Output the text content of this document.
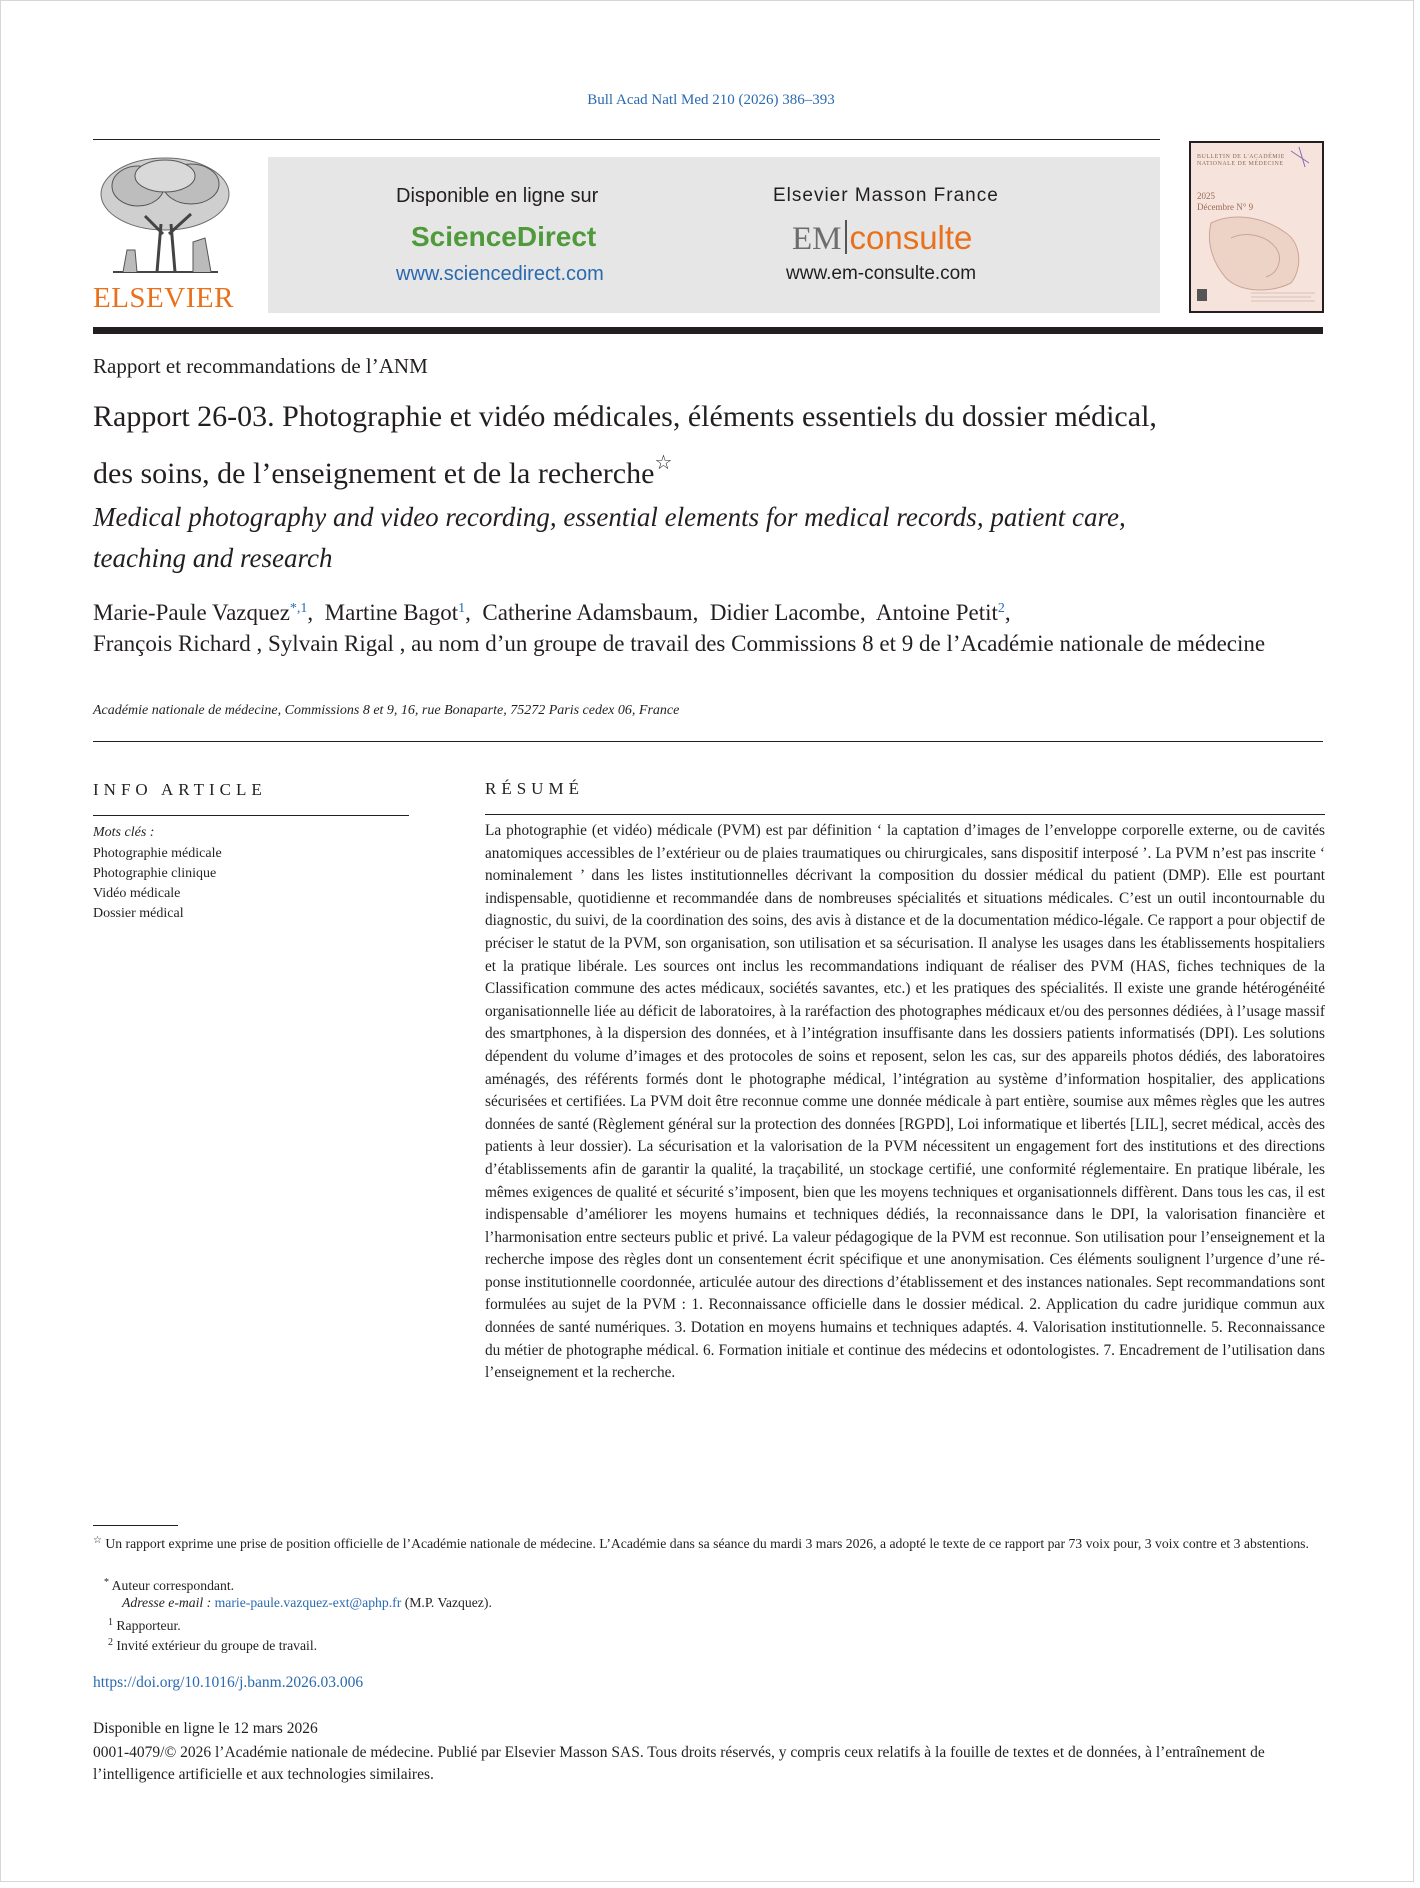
Bull Acad Natl Med 210 (2026) 386–393
ELSEVIER
Disponible en ligne sur
ScienceDirect
www.sciencedirect.com
Elsevier Masson France
EM consulte
www.em-consulte.com
BULLETIN DE L'ACADÉMIE NATIONALE DE MÉDECINE
2025
Décembre N° 9
Rapport et recommandations de l’ANM
Rapport 26-03. Photographie et vidéo médicales, éléments essentiels du dossier médical, des soins, de l’enseignement et de la recherche☆
Medical photography and video recording, essential elements for medical records, patient care, teaching and research
Marie-Paule Vazquez$^{*,1}$,  Martine Bagot$^1$,  Catherine Adamsbaum,  Didier Lacombe,  Antoine Petit$^2$,
François Richard , Sylvain Rigal , au nom d’un groupe de travail des Commissions 8 et 9 de l’Académie nationale de médecine
Académie nationale de médecine, Commissions 8 et 9, 16, rue Bonaparte, 75272 Paris cedex 06, France
INFO ARTICLE
Mots clés :
Photographie médicale
Photographie clinique
Vidéo médicale
Dossier médical
RÉSUMÉ
La photographie (et vidéo) médicale (PVM) est par définition ‘ la captation d’images de l’enveloppe corporelle externe, ou de cavités anatomiques accessibles de l’extérieur ou de plaies traumatiques ou chirurgicales, sans dispositif interposé ’. La PVM n’est pas inscrite ‘ nominalement ’ dans les listes institutionnelles décrivant la composition du dossier médical du patient (DMP). Elle est pourtant indispensable, quotidienne et recommandée dans de nombreuses spécialités et situations médicales. C’est un outil incontournable du diagnostic, du suivi, de la coordination des soins, des avis à distance et de la documentation médico-légale. Ce rapport a pour objectif de préciser le statut de la PVM, son organisation, son utilisation et sa sécurisation. Il analyse les usages dans les établissements hospitaliers et la pratique libérale. Les sources ont inclus les recommandations indiquant de réaliser des PVM (HAS, fiches techniques de la Classification commune des actes médicaux, sociétés savantes, etc.) et les pratiques des spécialités. Il existe une grande hétérogénéité organisationnelle liée au déficit de laboratoires, à la raréfaction des photographes médicaux et/ou des personnes dédiées, à l’usage massif des smartphones, à la dispersion des données, et à l’intégration insuffisante dans les dossiers patients informatisés (DPI). Les solutions dépendent du volume d’images et des protocoles de soins et reposent, selon les cas, sur des appareils photos dédiés, des laboratoires aménagés, des référents formés dont le photographe médical, l’intégration au système d’information hospitalier, des applications sécurisées et certifiées. La PVM doit être reconnue comme une donnée médicale à part entière, soumise aux mêmes règles que les autres données de santé (Règlement général sur la protection des données [RGPD], Loi informatique et libertés [LIL], secret médical, accès des patients à leur dossier). La sécurisation et la valorisation de la PVM nécessitent un engagement fort des institutions et des directions d’établissements afin de garantir la qualité, la traçabilité, un stockage certifié, une conformité réglementaire. En pratique libérale, les mêmes exigences de qualité et sécurité s’imposent, bien que les moyens techniques et organisationnels diffèrent. Dans tous les cas, il est indispensable d’améliorer les moyens humains et techniques dédiés, la reconnaissance dans le DPI, la valorisation financière et l’harmonisation entre secteurs public et privé. La valeur pédagogique de la PVM est reconnue. Son utilisation pour l’enseignement et la recherche impose des règles dont un consentement écrit spécifique et une anonymisation. Ces éléments soulignent l’urgence d’une réponse institutionnelle coordonnée, articulée autour des directions d’établissement et des instances nationales. Sept recommandations sont formulées au sujet de la PVM : 1. Reconnaissance officielle dans le dossier médical. 2. Application du cadre juridique commun aux données de santé numériques. 3. Dotation en moyens humains et techniques adaptés. 4. Valorisation institutionnelle. 5. Reconnaissance du métier de photographe médical. 6. Formation initiale et continue des médecins et odontologistes. 7. Encadrement de l’utilisation dans l’enseignement et la recherche.
☆ Un rapport exprime une prise de position officielle de l’Académie nationale de médecine. L’Académie dans sa séance du mardi 3 mars 2026, a adopté le texte de ce rapport par 73 voix pour, 3 voix contre et 3 abstentions.
* Auteur correspondant.
Adresse e-mail : marie-paule.vazquez-ext@aphp.fr (M.P. Vazquez).
$^1$ Rapporteur.
$^2$ Invité extérieur du groupe de travail.
https://doi.org/10.1016/j.banm.2026.03.006
Disponible en ligne le 12 mars 2026
0001-4079/© 2026 l’Académie nationale de médecine. Publié par Elsevier Masson SAS. Tous droits réservés, y compris ceux relatifs à la fouille de textes et de données, à l’entraînement de l’intelligence artificielle et aux technologies similaires.
